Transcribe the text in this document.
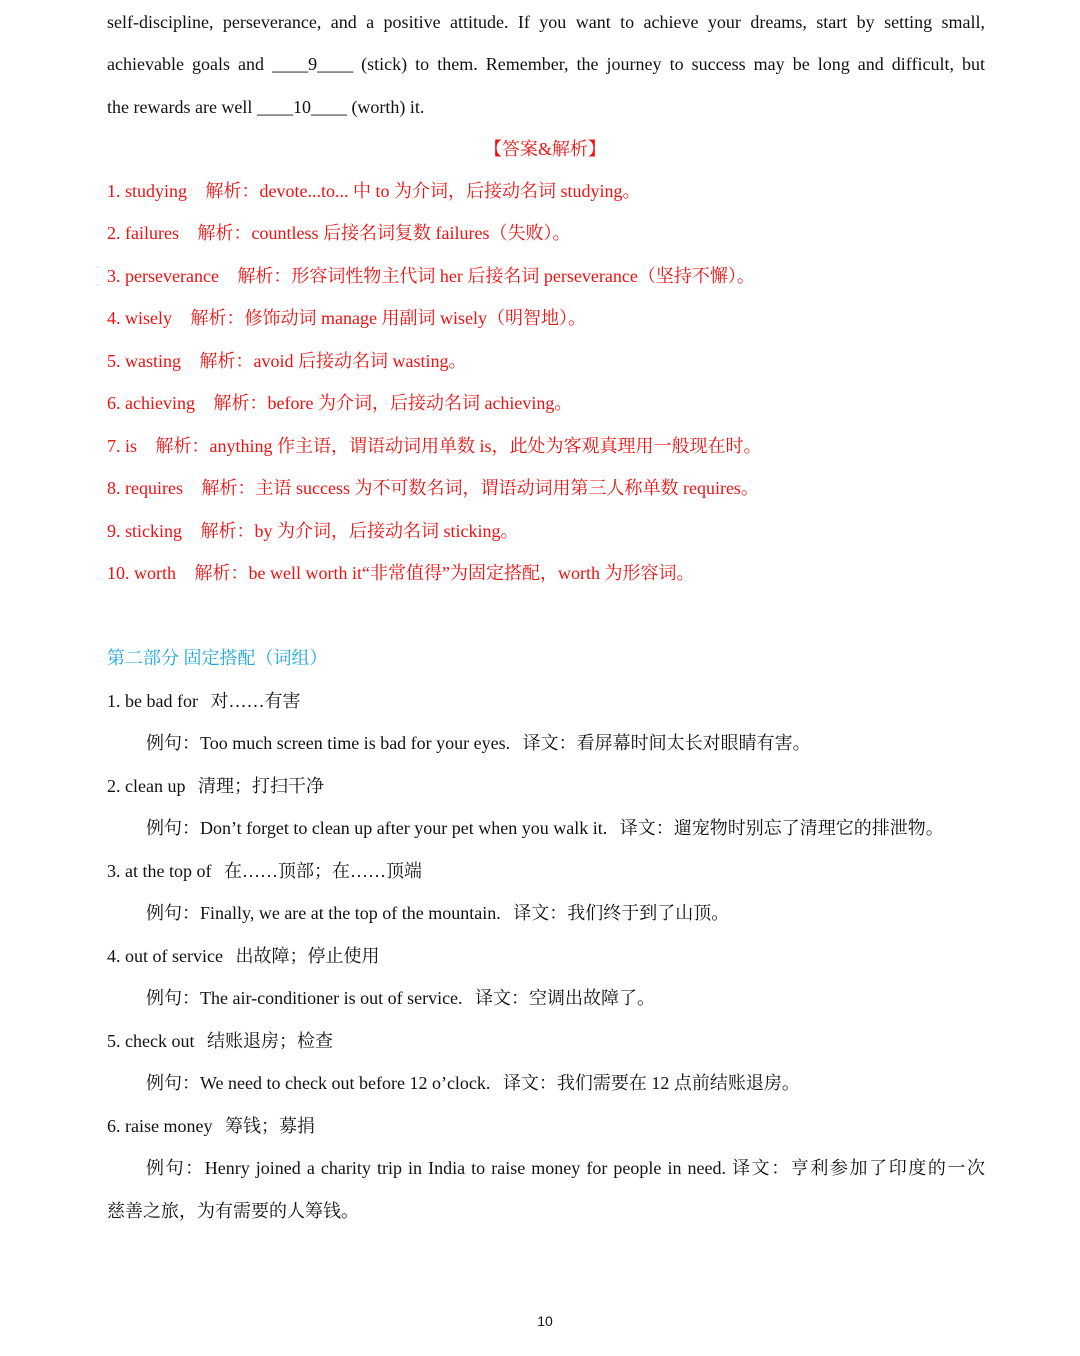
self-discipline, perseverance, and a positive attitude. If you want to achieve your dreams, start by setting small,
achievable goals and ____9____ (stick) to them. Remember, the journey to success may be long and difficult, but
the rewards are well ____10____ (worth) it.
【答案&解析】
1. studying 解析：devote...to... 中 to 为介词，后接动名词 studying。
2. failures 解析：countless 后接名词复数 failures（失败）。
3. perseverance 解析：形容词性物主代词 her 后接名词 perseverance（坚持不懈）。
4. wisely 解析：修饰动词 manage 用副词 wisely（明智地）。
5. wasting 解析：avoid 后接动名词 wasting。
6. achieving 解析：before 为介词，后接动名词 achieving。
7. is 解析：anything 作主语，谓语动词用单数 is，此处为客观真理用一般现在时。
8. requires 解析：主语 success 为不可数名词，谓语动词用第三人称单数 requires。
9. sticking 解析：by 为介词，后接动名词 sticking。
10. worth 解析：be well worth it“非常值得”为固定搭配，worth 为形容词。
第二部分 固定搭配（词组）
1. be bad for 对……有害
例句：Too much screen time is bad for your eyes. 译文：看屏幕时间太长对眼睛有害。
2. clean up 清理；打扫干净
例句：Don’t forget to clean up after your pet when you walk it. 译文：遛宠物时别忘了清理它的排泄物。
3. at the top of 在……顶部；在……顶端
例句：Finally, we are at the top of the mountain. 译文：我们终于到了山顶。
4. out of service 出故障；停止使用
例句：The air-conditioner is out of service. 译文：空调出故障了。
5. check out 结账退房；检查
例句：We need to check out before 12 o’clock. 译文：我们需要在 12 点前结账退房。
6. raise money 筹钱；募捐
例句：Henry joined a charity trip in India to raise money for people in need. 译文：亨利参加了印度的一次
慈善之旅，为有需要的人筹钱。
10
